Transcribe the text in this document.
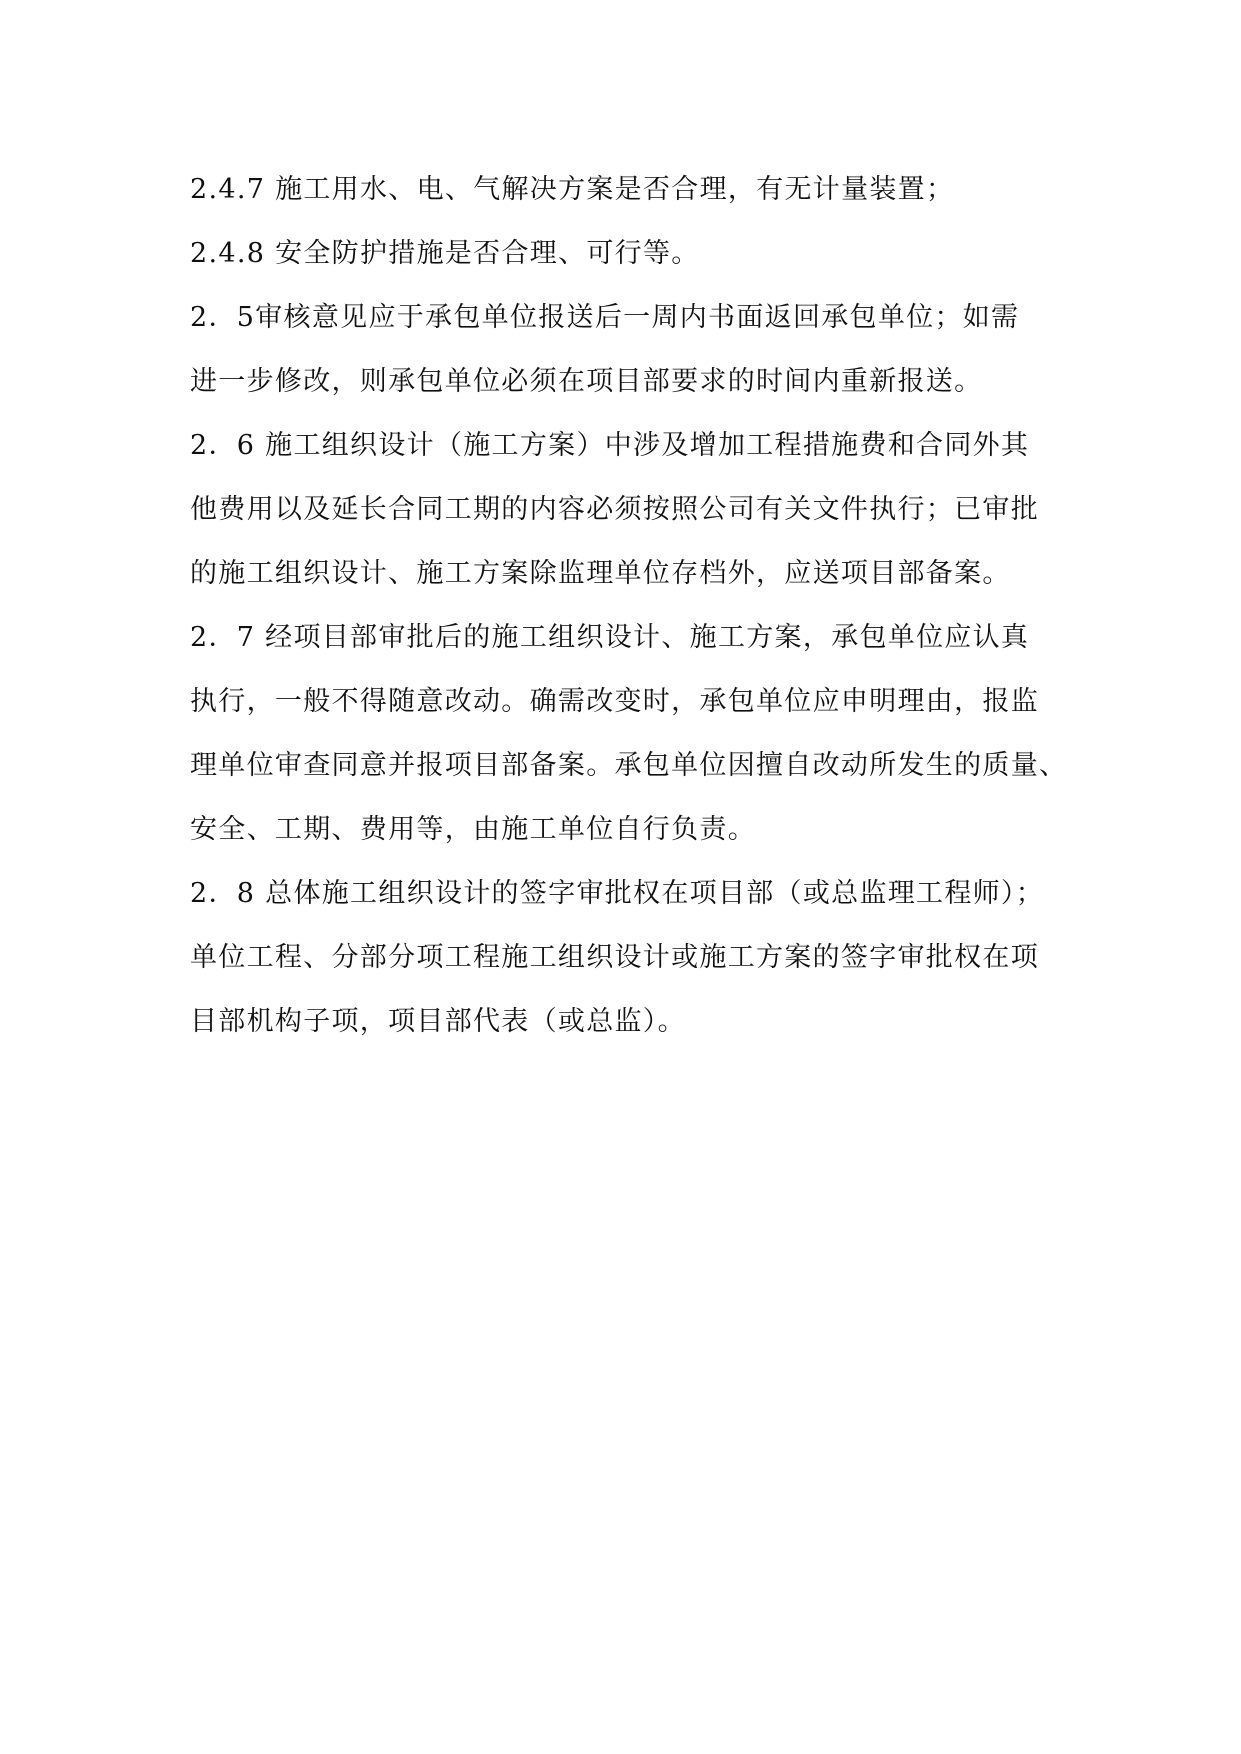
2.4.7 施工用水、电、气解决方案是否合理，有无计量装置；
2.4.8 安全防护措施是否合理、可行等。
2．5审核意见应于承包单位报送后一周内书面返回承包单位；如需
进一步修改，则承包单位必须在项目部要求的时间内重新报送。
2．6 施工组织设计（施工方案）中涉及增加工程措施费和合同外其
他费用以及延长合同工期的内容必须按照公司有关文件执行；已审批
的施工组织设计、施工方案除监理单位存档外，应送项目部备案。
2．7 经项目部审批后的施工组织设计、施工方案，承包单位应认真
执行，一般不得随意改动。确需改变时，承包单位应申明理由，报监
理单位审查同意并报项目部备案。承包单位因擅自改动所发生的质量、
安全、工期、费用等，由施工单位自行负责。
2．8 总体施工组织设计的签字审批权在项目部（或总监理工程师）；
单位工程、分部分项工程施工组织设计或施工方案的签字审批权在项
目部机构子项，项目部代表（或总监）。
